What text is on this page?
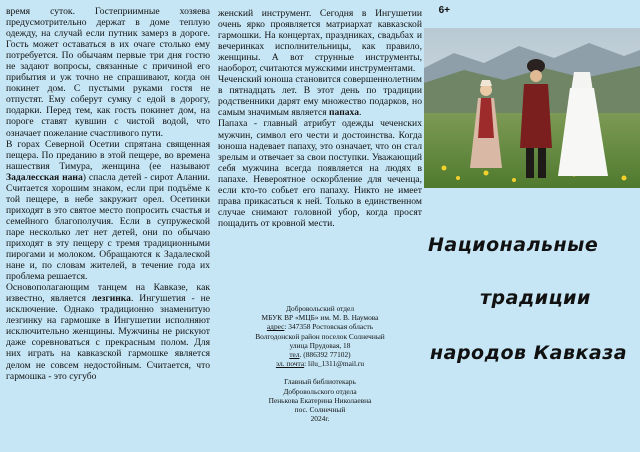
время суток. Гостеприимные хозяева предусмотрительно держат в доме теплую одежду, на случай если путник замерз в дороге. Гость может оставаться в их очаге столько ему потребуется. По обычаям первые три дня гостю не задают вопросы, связанные с причиной его прибытия и уж точно не спрашивают, когда он покинет дом. С пустыми руками гостя не отпустят. Ему соберут сумку с едой в дорогу, подарки. Перед тем, как гость покинет дом, на пороге ставят кувшин с чистой водой, что означает пожелание счастливого пути.

В горах Северной Осетии спрятана священная пещера. По преданию в этой пещере, во времена нашествия Тимура, женщина (ее называют Задалесская нана) спасла детей - сирот Алании. Считается хорошим знаком, если при подъёме к той пещере, в небе закружит орел. Осетинки приходят в это святое место попросить счастья и семейного благополучия. Если в супружеской паре несколько лет нет детей, они по обычаю приходят в эту пещеру с тремя традиционными пирогами и молоком. Обращаются к Задалеской нане и, по словам жителей, в течение года их проблема решается.

Основополагающим танцем на Кавказе, как известно, является лезгинка. Ингушетия - не исключение. Однако традиционно знаменитую лезгинку на гармошке в Ингушетии исполняют исключительно женщины. Мужчины не рискуют даже соревноваться с прекрасным полом. Для них играть на кавказской гармошке является делом не совсем недостойным. Считается, что гармошка - это сугубо

женский инструмент. Сегодня в Ингушетии очень ярко проявляется матриархат кавказской гармошки. На концертах, праздниках, свадьбах и вечеринках исполнительницы, как правило, женщины. А вот струнные инструменты, наоборот, считаются мужскими инструментами.

Чеченский юноша становится совершеннолетним в пятнадцать лет. В этот день по традиции родственники дарят ему множество подарков, но самым значимым является папаха.

Папаха - главный атрибут одежды чеченских мужчин, символ его чести и достоинства. Когда юноша надевает папаху, это означает, что он стал зрелым и отвечает за свои поступки. Уважающий себя мужчина всегда появляется на людях в папахе. Невероятное оскорбление для чеченца, если кто-то собьет его папаху. Никто не имеет права прикасаться к ней. Только в единственном случае снимают головной убор, когда просят пощадить от кровной мести.

Добровольский отдел
МБУК ВР «МЦБ» им. М. В. Наумова
адрес: 347358 Ростовская область
Волгодонской район поселок Солнечный
улица Прудовая, 18
тел. (886392 77102)
эл. почта: lilu_1311@mail.ru
Главный библиотекарь
Добровольского отдела
Пенькова Екатерина Николаевна
пос. Солнечный
2024г.
6+
Национальные
традиции
народов Кавказа
